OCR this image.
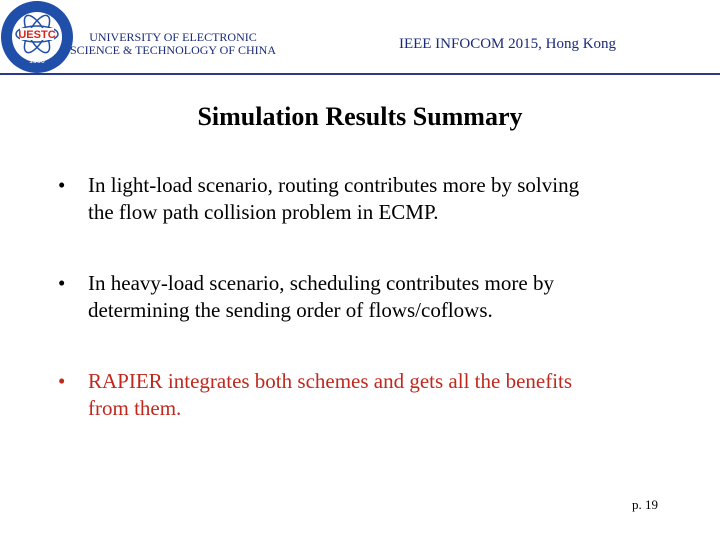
UESTC
1956
UNIVERSITY OF ELECTRONIC
SCIENCE & TECHNOLOGY OF CHINA	IEEE INFOCOM 2015, Hong Kong
Simulation Results Summary
• In light-load scenario, routing contributes more by solving
the flow path collision problem in ECMP.
• In heavy-load scenario, scheduling contributes more by
determining the sending order of flows/coflows.
• RAPIER integrates both schemes and gets all the benefits
from them.
p. 19
